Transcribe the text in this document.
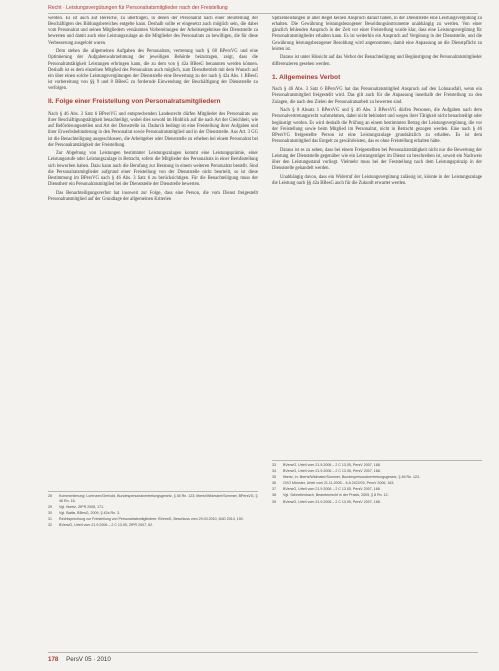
Recht · Leistungsvergütungen für Personalratsmitglieder nach der Freistellung

werden. Es ist auch auf Bereiche, zu übertragen, in denen der Personalrat nach einer Beurteilung der Beschäftigten des Bildungsbereiches entgelte kann. Deshalb sollte er eingesetzt auch möglich sein, die dabei vom Personalrat und seinen Mitgliedern versäumten Vorbereitungen der Arbeitsergebnisse des Dienststelle zu bewerten und damit auch eine Leistungszulage an die Mitglieder des Personalrats zu bewilligen, die für diese Verbesserung ausgelobt waren.

Dem stehen die allgemeinen Aufgaben des Personalrats, vertretung nach § 68 BPersVG und eine Optimierung der Aufgabenwahrnehmung der jeweiligen Behörde beizutragen, zeigt, dass die Personalratstätigkeit Leistungen erbringen kann, die zu dem von § 42a BBesG benannten werden können. Deshalb ist es dem einzelnen Mitglied des Personalrats auch möglich, zum Dienstbetrieb mit dem Wunsch auf ein über einen solche Leistungsvergütungen der Dienststelle eine Bewertung zu der nach § 42a Abs. 1 BBesG ist vorbereitung von §§ 9 und 8 BBesG zu fordernde Einwendung der Beschäftigung der Dienststelle zu verfolgen.

II. Folge einer Freistellung von Personalratsmitgliedern

Nach § 46 Abs. 3 Satz 6 BPersVG und entsprechenden Landesrecht dürfen Mitglieder des Personalrats aus ihrer Beschäftigungstätigkeit benachteiligt, wobei dies sowohl im Hinblick auf die nach Art der Gleichheit, wie auf Beförderungsstellen und Art der Dienstrelle ist. Dadurch bedingt ist eine Freistellung ihrer Aufgaben und ihrer Erwerbsbehinderung in den Personalrat sowie Personalratsmitglied und in der Dienststelle. Aus Art. 3 GG ist die Benachteiligung ausgeschlossen, die Arbeitgeber oder Dienststelle zu erheben bei einem Personalrat bei der Personalratstätigkeit der Freistellung.

Zur Abgeltung von Leistungen bestimmter Leistungszulagen kommt eine Leistungsprämie, einer Leistungsstufe oder Leistungszulage in Betracht, sofern die Mitglieder des Personalrats in einer Berufsstellung sich beworben haben. Dazu kann auch die Berufung zur Beratung in einem weiteren Personalrat bestellt. Sind die Personalratsmitglieder aufgrund einer Freistellung von der Dienststelle nicht beurteilt, so ist diese Bestimmung im BPersVG nach § 46 Abs. 3 Satz 6 zu berücksichtigen. Für die Benachteiligung muss der Dienstherr ein Personalratsmitglied bei der Dienststelle der Dienstrelle bewerten.

Das Benachteiligungsverbot hat insoweit zur Folge, dass eine Person, die vom Dienst freigestellt Personalratsmitglied auf der Grundlage der allgemeinen Kriterien

Spitzenleistungen in aller Regel keinen Anspruch darauf haben, in der Dienststelle eine Leistungsvergütung zu erhalten. Die Gewährung leistungsbezogener Besoldungsinstrumente unabhängig zu werden. Von einer gänzlich fehlenden Anspruch in der Zeit vor einer Freistellung wurde klar, dass eine Leistungsvergütung für Personalratsmitglieder erhalten kann. Es ist weiterhin ein Anspruch auf Vergütung in der Dienststelle, und die Gewährung leistungsbezogener Besoldung wird angenommen, damit eine Anpassung an die Dienstpflicht zu leisten ist.

Daraus ist unter Hinsicht auf das Verbot der Benachteiligung und Begünstigung der Personalratsmitglieder differenzieren gesehen werden.

1. Allgemeines Verbot

Nach § 46 Abs. 3 Satz 6 BPersVG hat das Personalratsmitglied Anspruch auf den Lohnausfall, wenn ein Personalratsmitglied freigestellt wird. Das gilt auch für die Anpassung innerhalb der Freistellung zu den Zulagen, die nach den Zielen der Personalratsarbeit zu bewerten sind.

Nach § 8 Absatz 1 BPersVG und § 46 Abs. 3 BPersVG dürfen Personen, die Aufgaben nach dem Personalvertretungsrecht wahrnehmen, dabei nicht behindert und wegen ihrer Tätigkeit nicht benachteiligt oder begünstigt werden. Es wird deshalb die Prüfung an einem bestimmten Betrag der Leistungsvergütung, die vor der Freistellung sowie beim Mitglied im Personalrat, nicht in Betracht gezogen werden. Eine nach § 46 BPersVG freigestellte Person ist eine Leistungszulage grundsätzlich zu erhalten. Es ist dem Personalratsmitglied das Entgelt zu gewährleisten, das es ohne Freistellung erhalten hätte.

Daraus ist es zu sehen, dass bei einem Freigestellten bei Personalratstätigkeit nicht nur die Bewertung der Leistung der Dienststelle gegenüber wie ein Leistungsträger im Dienst zu beschreiben ist, soweit ein Nachweis über den Leistungsstand vorliegt. Vielmehr muss bei der Feststellung nach dem Leistungsprinzip in der Dienststelle gehandelt werden.

Unabhängig davon, dass ein Widerruf der Leistungsvergütung zulässig ist, könnte in der Leistungszulage die Leistung nach §§ 42a BBesG auch für die Zukunft erwartet werden.

28	Kommentierung: Lorenzen/Gerhold, Bundespersonalvertretungsgesetz, § 46 Rn. 123; Ilbertz/Widmaier/Sommer, BPersVG, § 46 Rn. 16.
29	Vgl. Ilbertz, ZfPR 2008, 171.
30	Vgl. Battis, BBesG, 2009, § 42a Rn. 3.
31	Rechtsprechung zur Freistellung von Personalratsmitgliedern: BVerwG, Beschluss vom 29.03.2010, DöD 2010, 190.
32	BVerwG, Urteil vom 21.9.2006 – 2 C 13.05, ZfPR 2007, 62.
33	BVerwG, Urteil vom 21.9.2006 – 2 C 13.05, PersV 2007, 168.
34	BVerwG, Urteil vom 21.9.2006 – 2 C 13.05, PersV 2007, 168.
35	Ilbertz, in: Ilbertz/Widmaier/Sommer, Bundespersonalvertretungsgesetz, § 46 Rn. 123.
36	OVG Münster, Urteil vom 21.11.2005 – 6 A 2422/03, PersV 2006, 183.
37	BVerwG, Urteil vom 21.9.2006 – 2 C 13.05, PersV 2007, 168.
38	Vgl. Schnellenbach, Beamtenrecht in der Praxis, 2009, § 8 Rn. 12.
39	BVerwG, Urteil vom 21.9.2006 – 2 C 13.05, PersV 2007, 168.
178 PersV 05 · 2010
